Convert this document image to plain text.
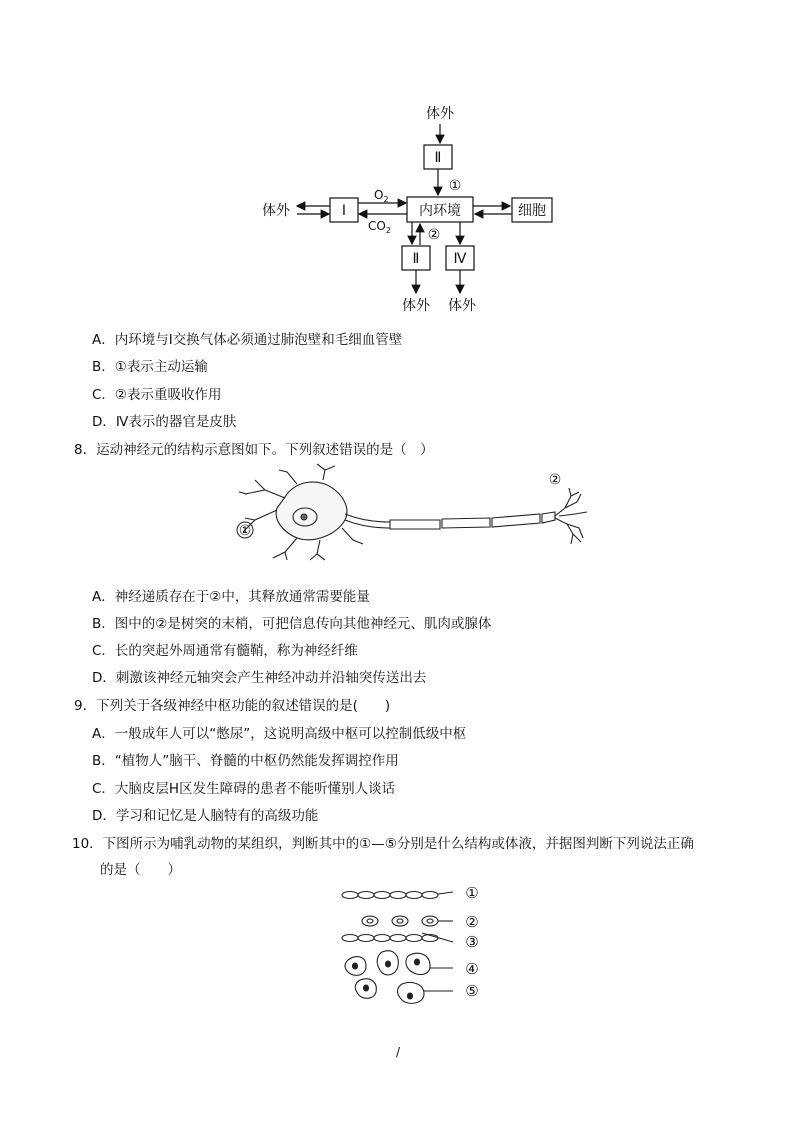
体外
Ⅱ
①
内环境
Ⅰ
体外
$O_2$
$CO_2$
细胞
②
Ⅱ Ⅳ
体外 体外
A．内环境与Ⅰ交换气体必须通过肺泡壁和毛细血管壁
B．①表示主动运输
C．②表示重吸收作用
D．Ⅳ表示的器官是皮肤
8．运动神经元的结构示意图如下。下列叙述错误的是（　）
①
②
A．神经递质存在于②中，其释放通常需要能量
B．图中的②是树突的末梢，可把信息传向其他神经元、肌肉或腺体
C．长的突起外周通常有髓鞘，称为神经纤维
D．刺激该神经元轴突会产生神经冲动并沿轴突传送出去
9．下列关于各级神经中枢功能的叙述错误的是(　　)
A．一般成年人可以“憋尿”，这说明高级中枢可以控制低级中枢
B．“植物人”脑干、脊髓的中枢仍然能发挥调控作用
C．大脑皮层H区发生障碍的患者不能听懂别人谈话
D．学习和记忆是人脑特有的高级功能
10．下图所示为哺乳动物的某组织，判断其中的①—⑤分别是什么结构或体液，并据图判断下列说法正确
的是（　　）
①
②
③
④
⑤
/
